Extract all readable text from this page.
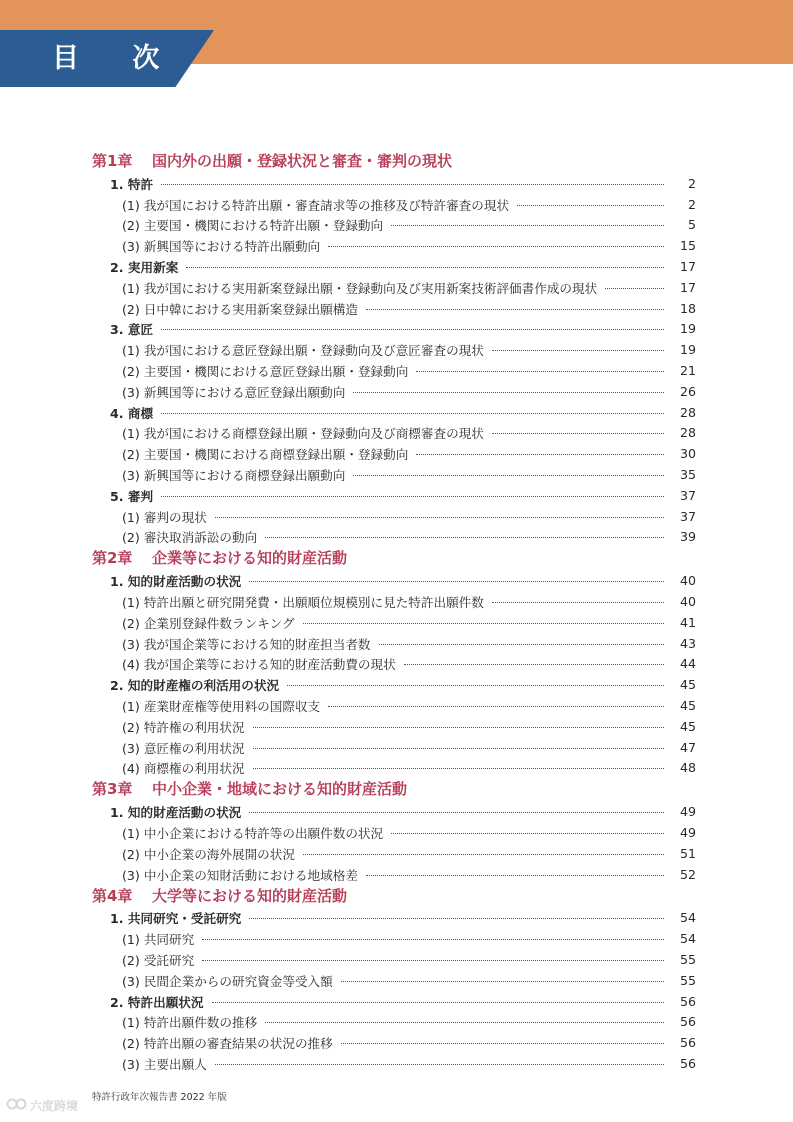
目 次
第1章 国内外の出願・登録状況と審査・審判の現状
1. 特許	2
(1) 我が国における特許出願・審査請求等の推移及び特許審査の現状	2
(2) 主要国・機関における特許出願・登録動向	5
(3) 新興国等における特許出願動向	15
2. 実用新案	17
(1) 我が国における実用新案登録出願・登録動向及び実用新案技術評価書作成の現状	17
(2) 日中韓における実用新案登録出願構造	18
3. 意匠	19
(1) 我が国における意匠登録出願・登録動向及び意匠審査の現状	19
(2) 主要国・機関における意匠登録出願・登録動向	21
(3) 新興国等における意匠登録出願動向	26
4. 商標	28
(1) 我が国における商標登録出願・登録動向及び商標審査の現状	28
(2) 主要国・機関における商標登録出願・登録動向	30
(3) 新興国等における商標登録出願動向	35
5. 審判	37
(1) 審判の現状	37
(2) 審決取消訴訟の動向	39
第2章 企業等における知的財産活動
1. 知的財産活動の状況	40
(1) 特許出願と研究開発費・出願順位規模別に見た特許出願件数	40
(2) 企業別登録件数ランキング	41
(3) 我が国企業等における知的財産担当者数	43
(4) 我が国企業等における知的財産活動費の現状	44
2. 知的財産権の利活用の状況	45
(1) 産業財産権等使用料の国際収支	45
(2) 特許権の利用状況	45
(3) 意匠権の利用状況	47
(4) 商標権の利用状況	48
第3章 中小企業・地域における知的財産活動
1. 知的財産活動の状況	49
(1) 中小企業における特許等の出願件数の状況	49
(2) 中小企業の海外展開の状況	51
(3) 中小企業の知財活動における地域格差	52
第4章 大学等における知的財産活動
1. 共同研究・受託研究	54
(1) 共同研究	54
(2) 受託研究	55
(3) 民間企業からの研究資金等受入額	55
2. 特許出願状況	56
(1) 特許出願件数の推移	56
(2) 特許出願の審査結果の状況の推移	56
(3) 主要出願人	56
特許行政年次報告書 2022 年版
六度跨境
